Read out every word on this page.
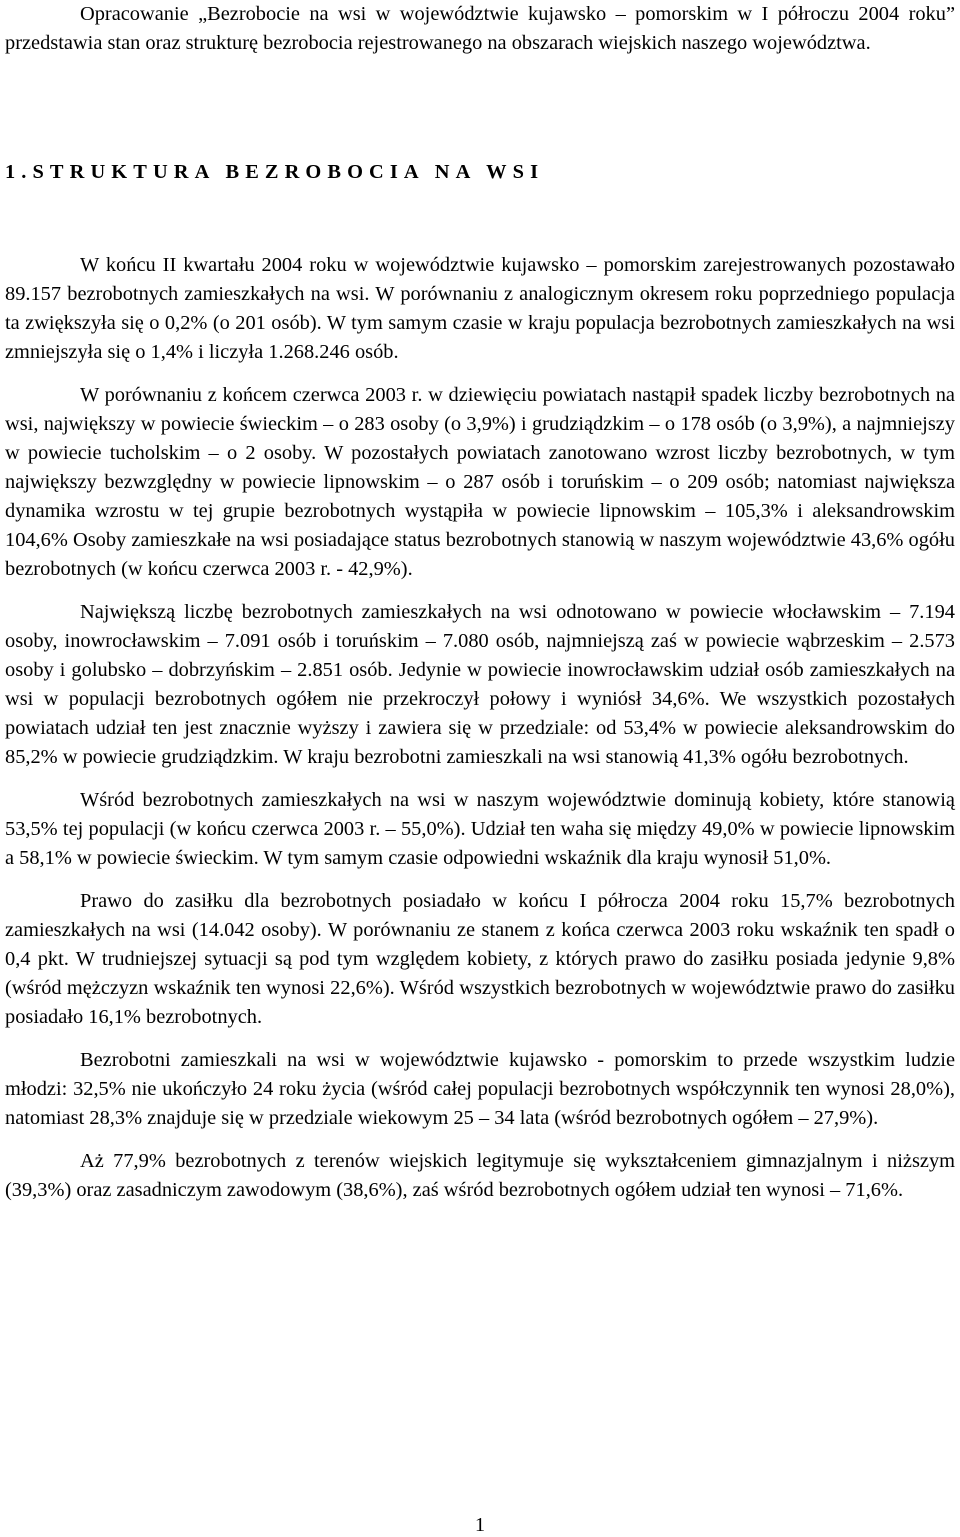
Opracowanie „Bezrobocie na wsi w województwie kujawsko – pomorskim w I półroczu 2004 roku” przedstawia stan oraz strukturę bezrobocia rejestrowanego na obszarach wiejskich naszego województwa.

1.STRUKTURA BEZROBOCIA NA WSI

W końcu II kwartału 2004 roku w województwie kujawsko – pomorskim zarejestrowanych pozostawało 89.157 bezrobotnych zamieszkałych na wsi. W porównaniu z analogicznym okresem roku poprzedniego populacja ta zwiększyła się o 0,2% (o 201 osób). W tym samym czasie w kraju populacja bezrobotnych zamieszkałych na wsi zmniejszyła się o 1,4% i liczyła 1.268.246 osób.

W porównaniu z końcem czerwca 2003 r. w dziewięciu powiatach nastąpił spadek liczby bezrobotnych na wsi, największy w powiecie świeckim – o 283 osoby (o 3,9%) i grudziądzkim – o 178 osób (o 3,9%), a najmniejszy w powiecie tucholskim – o 2 osoby. W pozostałych powiatach zanotowano wzrost liczby bezrobotnych, w tym największy bezwzględny w powiecie lipnowskim – o 287 osób i toruńskim – o 209 osób; natomiast największa dynamika wzrostu w tej grupie bezrobotnych wystąpiła w powiecie lipnowskim – 105,3% i aleksandrowskim 104,6% Osoby zamieszkałe na wsi posiadające status bezrobotnych stanowią w naszym województwie 43,6% ogółu bezrobotnych (w końcu czerwca 2003 r. - 42,9%).

Największą liczbę bezrobotnych zamieszkałych na wsi odnotowano w powiecie włocławskim – 7.194 osoby, inowrocławskim – 7.091 osób i toruńskim – 7.080 osób, najmniejszą zaś w powiecie wąbrzeskim – 2.573 osoby i golubsko – dobrzyńskim – 2.851 osób. Jedynie w powiecie inowrocławskim udział osób zamieszkałych na wsi w populacji bezrobotnych ogółem nie przekroczył połowy i wyniósł 34,6%. We wszystkich pozostałych powiatach udział ten jest znacznie wyższy i zawiera się w przedziale: od 53,4% w powiecie aleksandrowskim do 85,2% w powiecie grudziądzkim. W kraju bezrobotni zamieszkali na wsi stanowią 41,3% ogółu bezrobotnych.

Wśród bezrobotnych zamieszkałych na wsi w naszym województwie dominują kobiety, które stanowią 53,5% tej populacji (w końcu czerwca 2003 r. – 55,0%). Udział ten waha się między 49,0% w powiecie lipnowskim a 58,1% w powiecie świeckim. W tym samym czasie odpowiedni wskaźnik dla kraju wynosił 51,0%.

Prawo do zasiłku dla bezrobotnych posiadało w końcu I półrocza 2004 roku 15,7% bezrobotnych zamieszkałych na wsi (14.042 osoby). W porównaniu ze stanem z końca czerwca 2003 roku wskaźnik ten spadł o 0,4 pkt. W trudniejszej sytuacji są pod tym względem kobiety, z których prawo do zasiłku posiada jedynie 9,8% (wśród mężczyzn wskaźnik ten wynosi 22,6%). Wśród wszystkich bezrobotnych w województwie prawo do zasiłku posiadało 16,1% bezrobotnych.

Bezrobotni zamieszkali na wsi w województwie kujawsko - pomorskim to przede wszystkim ludzie młodzi: 32,5% nie ukończyło 24 roku życia (wśród całej populacji bezrobotnych współczynnik ten wynosi 28,0%), natomiast 28,3% znajduje się w przedziale wiekowym 25 – 34 lata (wśród bezrobotnych ogółem – 27,9%).

Aż 77,9% bezrobotnych z terenów wiejskich legitymuje się wykształceniem gimnazjalnym i niższym (39,3%) oraz zasadniczym zawodowym (38,6%), zaś wśród bezrobotnych ogółem udział ten wynosi – 71,6%.

1
